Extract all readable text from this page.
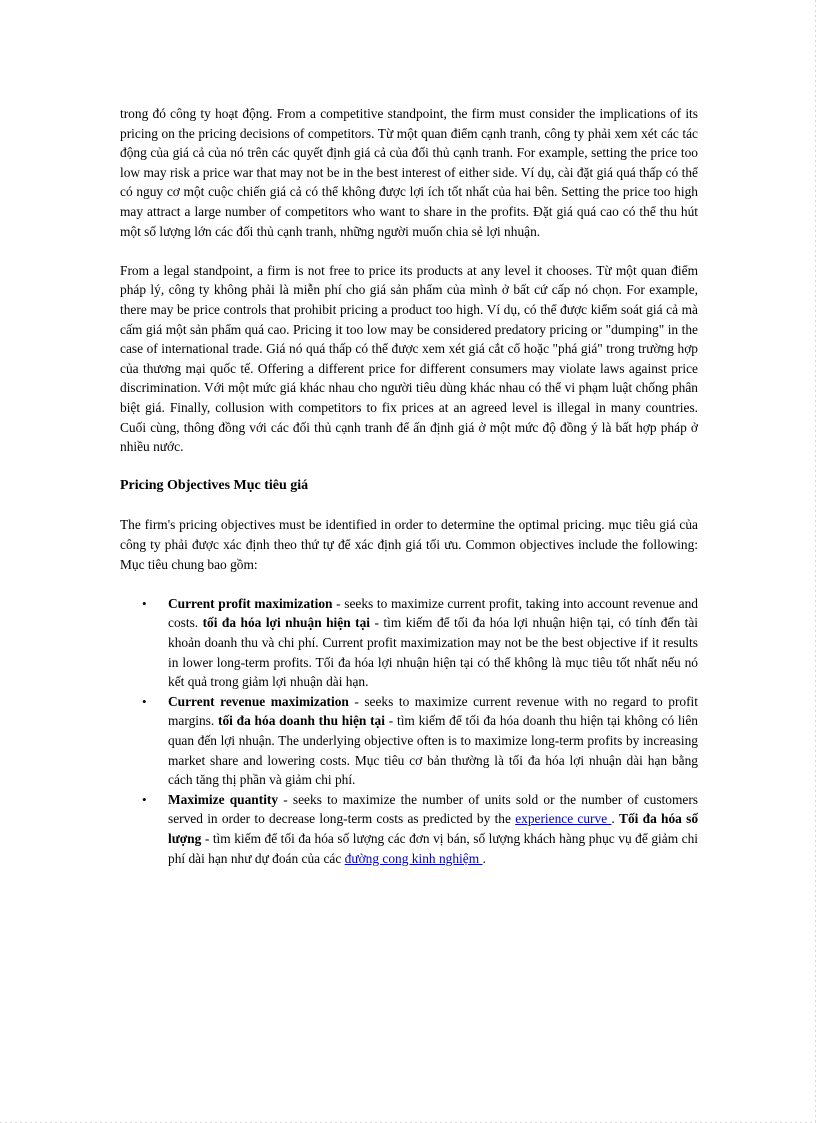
trong đó công ty hoạt động. From a competitive standpoint, the firm must consider the implications of its pricing on the pricing decisions of competitors. Từ một quan điểm cạnh tranh, công ty phải xem xét các tác động của giá cả của nó trên các quyết định giá cả của đối thủ cạnh tranh. For example, setting the price too low may risk a price war that may not be in the best interest of either side. Ví dụ, cài đặt giá quá thấp có thể có nguy cơ một cuộc chiến giá cả có thể không được lợi ích tốt nhất của hai bên. Setting the price too high may attract a large number of competitors who want to share in the profits. Đặt giá quá cao có thể thu hút một số lượng lớn các đối thủ cạnh tranh, những người muốn chia sẻ lợi nhuận.

From a legal standpoint, a firm is not free to price its products at any level it chooses. Từ một quan điểm pháp lý, công ty không phải là miễn phí cho giá sản phẩm của mình ở bất cứ cấp nó chọn. For example, there may be price controls that prohibit pricing a product too high. Ví dụ, có thể được kiểm soát giá cả mà cấm giá một sản phẩm quá cao. Pricing it too low may be considered predatory pricing or "dumping" in the case of international trade. Giá nó quá thấp có thể được xem xét giá cắt cổ hoặc "phá giá" trong trường hợp của thương mại quốc tế. Offering a different price for different consumers may violate laws against price discrimination. Với một mức giá khác nhau cho người tiêu dùng khác nhau có thể vi phạm luật chống phân biệt giá. Finally, collusion with competitors to fix prices at an agreed level is illegal in many countries. Cuối cùng, thông đồng với các đối thủ cạnh tranh để ấn định giá ở một mức độ đồng ý là bất hợp pháp ở nhiều nước.

Pricing Objectives Mục tiêu giá

The firm's pricing objectives must be identified in order to determine the optimal pricing. mục tiêu giá của công ty phải được xác định theo thứ tự để xác định giá tối ưu. Common objectives include the following: Mục tiêu chung bao gồm:

• Current profit maximization - seeks to maximize current profit, taking into account revenue and costs. tối đa hóa lợi nhuận hiện tại - tìm kiếm để tối đa hóa lợi nhuận hiện tại, có tính đến tài khoản doanh thu và chi phí. Current profit maximization may not be the best objective if it results in lower long-term profits. Tối đa hóa lợi nhuận hiện tại có thể không là mục tiêu tốt nhất nếu nó kết quả trong giảm lợi nhuận dài hạn.
• Current revenue maximization - seeks to maximize current revenue with no regard to profit margins. tối đa hóa doanh thu hiện tại - tìm kiếm để tối đa hóa doanh thu hiện tại không có liên quan đến lợi nhuận. The underlying objective often is to maximize long-term profits by increasing market share and lowering costs. Mục tiêu cơ bản thường là tối đa hóa lợi nhuận dài hạn bằng cách tăng thị phần và giảm chi phí.
• Maximize quantity - seeks to maximize the number of units sold or the number of customers served in order to decrease long-term costs as predicted by the experience curve . Tối đa hóa số lượng - tìm kiếm để tối đa hóa số lượng các đơn vị bán, số lượng khách hàng phục vụ để giảm chi phí dài hạn như dự đoán của các đường cong kinh nghiệm .
